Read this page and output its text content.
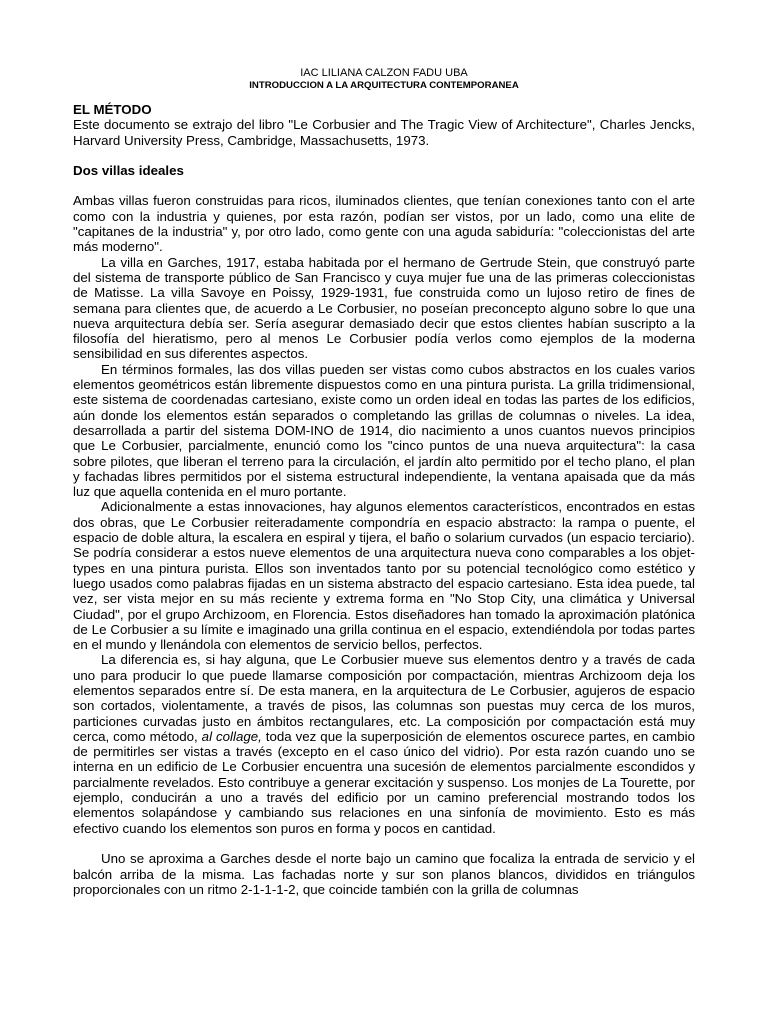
IAC LILIANA CALZON FADU UBA
INTRODUCCION A LA ARQUITECTURA CONTEMPORANEA
EL MÉTODO
Este documento se extrajo del libro "Le Corbusier and The Tragic View of Architecture", Charles Jencks, Harvard University Press, Cambridge, Massachusetts, 1973.
Dos villas ideales

Ambas villas fueron construidas para ricos, iluminados clientes, que tenían conexiones tanto con el arte como con la industria y quienes, por esta razón, podían ser vistos, por un lado, como una elite de "capitanes de la industria" y, por otro lado, como gente con una aguda sabiduría: "coleccionistas del arte más moderno".

La villa en Garches, 1917, estaba habitada por el hermano de Gertrude Stein, que construyó parte del sistema de transporte público de San Francisco y cuya mujer fue una de las primeras coleccionistas de Matisse. La villa Savoye en Poissy, 1929-1931, fue construida como un lujoso retiro de fines de semana para clientes que, de acuerdo a Le Corbusier, no poseían preconcepto alguno sobre lo que una nueva arquitectura debía ser. Sería asegurar demasiado decir que estos clientes habían suscripto a la filosofía del hieratismo, pero al menos Le Corbusier podía verlos como ejemplos de la moderna sensibilidad en sus diferentes aspectos.

En términos formales, las dos villas pueden ser vistas como cubos abstractos en los cuales varios elementos geométricos están libremente dispuestos como en una pintura purista. La grilla tridimensional, este sistema de coordenadas cartesiano, existe como un orden ideal en todas las partes de los edificios, aún donde los elementos están separados o completando las grillas de columnas o niveles. La idea, desarrollada a partir del sistema DOM-INO de 1914, dio nacimiento a unos cuantos nuevos principios que Le Corbusier, parcialmente, enunció como los "cinco puntos de una nueva arquitectura": la casa sobre pilotes, que liberan el terreno para la circulación, el jardín alto permitido por el techo plano, el plan y fachadas libres permitidos por el sistema estructural independiente, la ventana apaisada que da más luz que aquella contenida en el muro portante.

Adicionalmente a estas innovaciones, hay algunos elementos característicos, encontrados en estas dos obras, que Le Corbusier reiteradamente compondría en espacio abstracto: la rampa o puente, el espacio de doble altura, la escalera en espiral y tijera, el baño o solarium curvados (un espacio terciario). Se podría considerar a estos nueve elementos de una arquitectura nueva cono comparables a los objet-types en una pintura purista. Ellos son inventados tanto por su potencial tecnológico como estético y luego usados como palabras fijadas en un sistema abstracto del espacio cartesiano. Esta idea puede, tal vez, ser vista mejor en su más reciente y extrema forma en "No Stop City, una climática y Universal Ciudad", por el grupo Archizoom, en Florencia. Estos diseñadores han tomado la aproximación platónica de Le Corbusier a su límite e imaginado una grilla continua en el espacio, extendiéndola por todas partes en el mundo y llenándola con elementos de servicio bellos, perfectos.

La diferencia es, si hay alguna, que Le Corbusier mueve sus elementos dentro y a través de cada uno para producir lo que puede llamarse composición por compactación, mientras Archizoom deja los elementos separados entre sí. De esta manera, en la arquitectura de Le Corbusier, agujeros de espacio son cortados, violentamente, a través de pisos, las columnas son puestas muy cerca de los muros, particiones curvadas justo en ámbitos rectangulares, etc. La composición por compactación está muy cerca, como método, al collage, toda vez que la superposición de elementos oscurece partes, en cambio de permitirles ser vistas a través (excepto en el caso único del vidrio). Por esta razón cuando uno se interna en un edificio de Le Corbusier encuentra una sucesión de elementos parcialmente escondidos y parcialmente revelados. Esto contribuye a generar excitación y suspenso. Los monjes de La Tourette, por ejemplo, conducirán a uno a través del edificio por un camino preferencial mostrando todos los elementos solapándose y cambiando sus relaciones en una sinfonía de movimiento. Esto es más efectivo cuando los elementos son puros en forma y pocos en cantidad.

Uno se aproxima a Garches desde el norte bajo un camino que focaliza la entrada de servicio y el balcón arriba de la misma. Las fachadas norte y sur son planos blancos, divididos en triángulos proporcionales con un ritmo 2-1-1-1-2, que coincide también con la grilla de columnas
